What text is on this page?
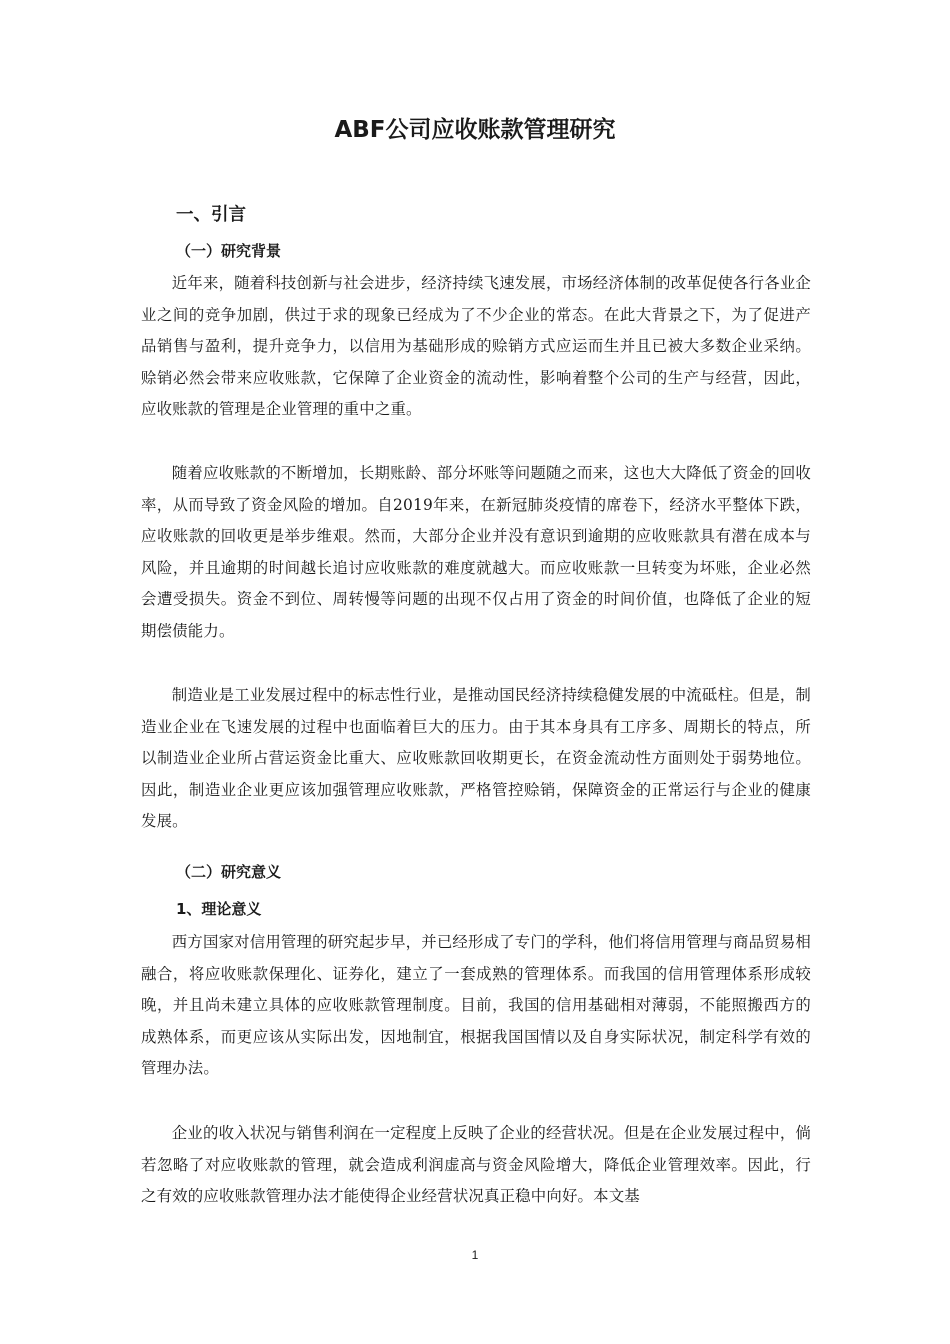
ABF公司应收账款管理研究
一、引言
（一）研究背景

近年来，随着科技创新与社会进步，经济持续飞速发展，市场经济体制的改革促使各行各业企业之间的竞争加剧，供过于求的现象已经成为了不少企业的常态。在此大背景之下，为了促进产品销售与盈利，提升竞争力，以信用为基础形成的赊销方式应运而生并且已被大多数企业采纳。赊销必然会带来应收账款，它保障了企业资金的流动性，影响着整个公司的生产与经营，因此，应收账款的管理是企业管理的重中之重。

随着应收账款的不断增加，长期账龄、部分坏账等问题随之而来，这也大大降低了资金的回收率，从而导致了资金风险的增加。自2019年来，在新冠肺炎疫情的席卷下，经济水平整体下跌，应收账款的回收更是举步维艰。然而，大部分企业并没有意识到逾期的应收账款具有潜在成本与风险，并且逾期的时间越长追讨应收账款的难度就越大。而应收账款一旦转变为坏账，企业必然会遭受损失。资金不到位、周转慢等问题的出现不仅占用了资金的时间价值，也降低了企业的短期偿债能力。

制造业是工业发展过程中的标志性行业，是推动国民经济持续稳健发展的中流砥柱。但是，制造业企业在飞速发展的过程中也面临着巨大的压力。由于其本身具有工序多、周期长的特点，所以制造业企业所占营运资金比重大、应收账款回收期更长，在资金流动性方面则处于弱势地位。因此，制造业企业更应该加强管理应收账款，严格管控赊销，保障资金的正常运行与企业的健康发展。

（二）研究意义
1、理论意义

西方国家对信用管理的研究起步早，并已经形成了专门的学科，他们将信用管理与商品贸易相融合，将应收账款保理化、证券化，建立了一套成熟的管理体系。而我国的信用管理体系形成较晚，并且尚未建立具体的应收账款管理制度。目前，我国的信用基础相对薄弱，不能照搬西方的成熟体系，而更应该从实际出发，因地制宜，根据我国国情以及自身实际状况，制定科学有效的管理办法。

企业的收入状况与销售利润在一定程度上反映了企业的经营状况。但是在企业发展过程中，倘若忽略了对应收账款的管理，就会造成利润虚高与资金风险增大，降低企业管理效率。因此，行之有效的应收账款管理办法才能使得企业经营状况真正稳中向好。本文基

1
